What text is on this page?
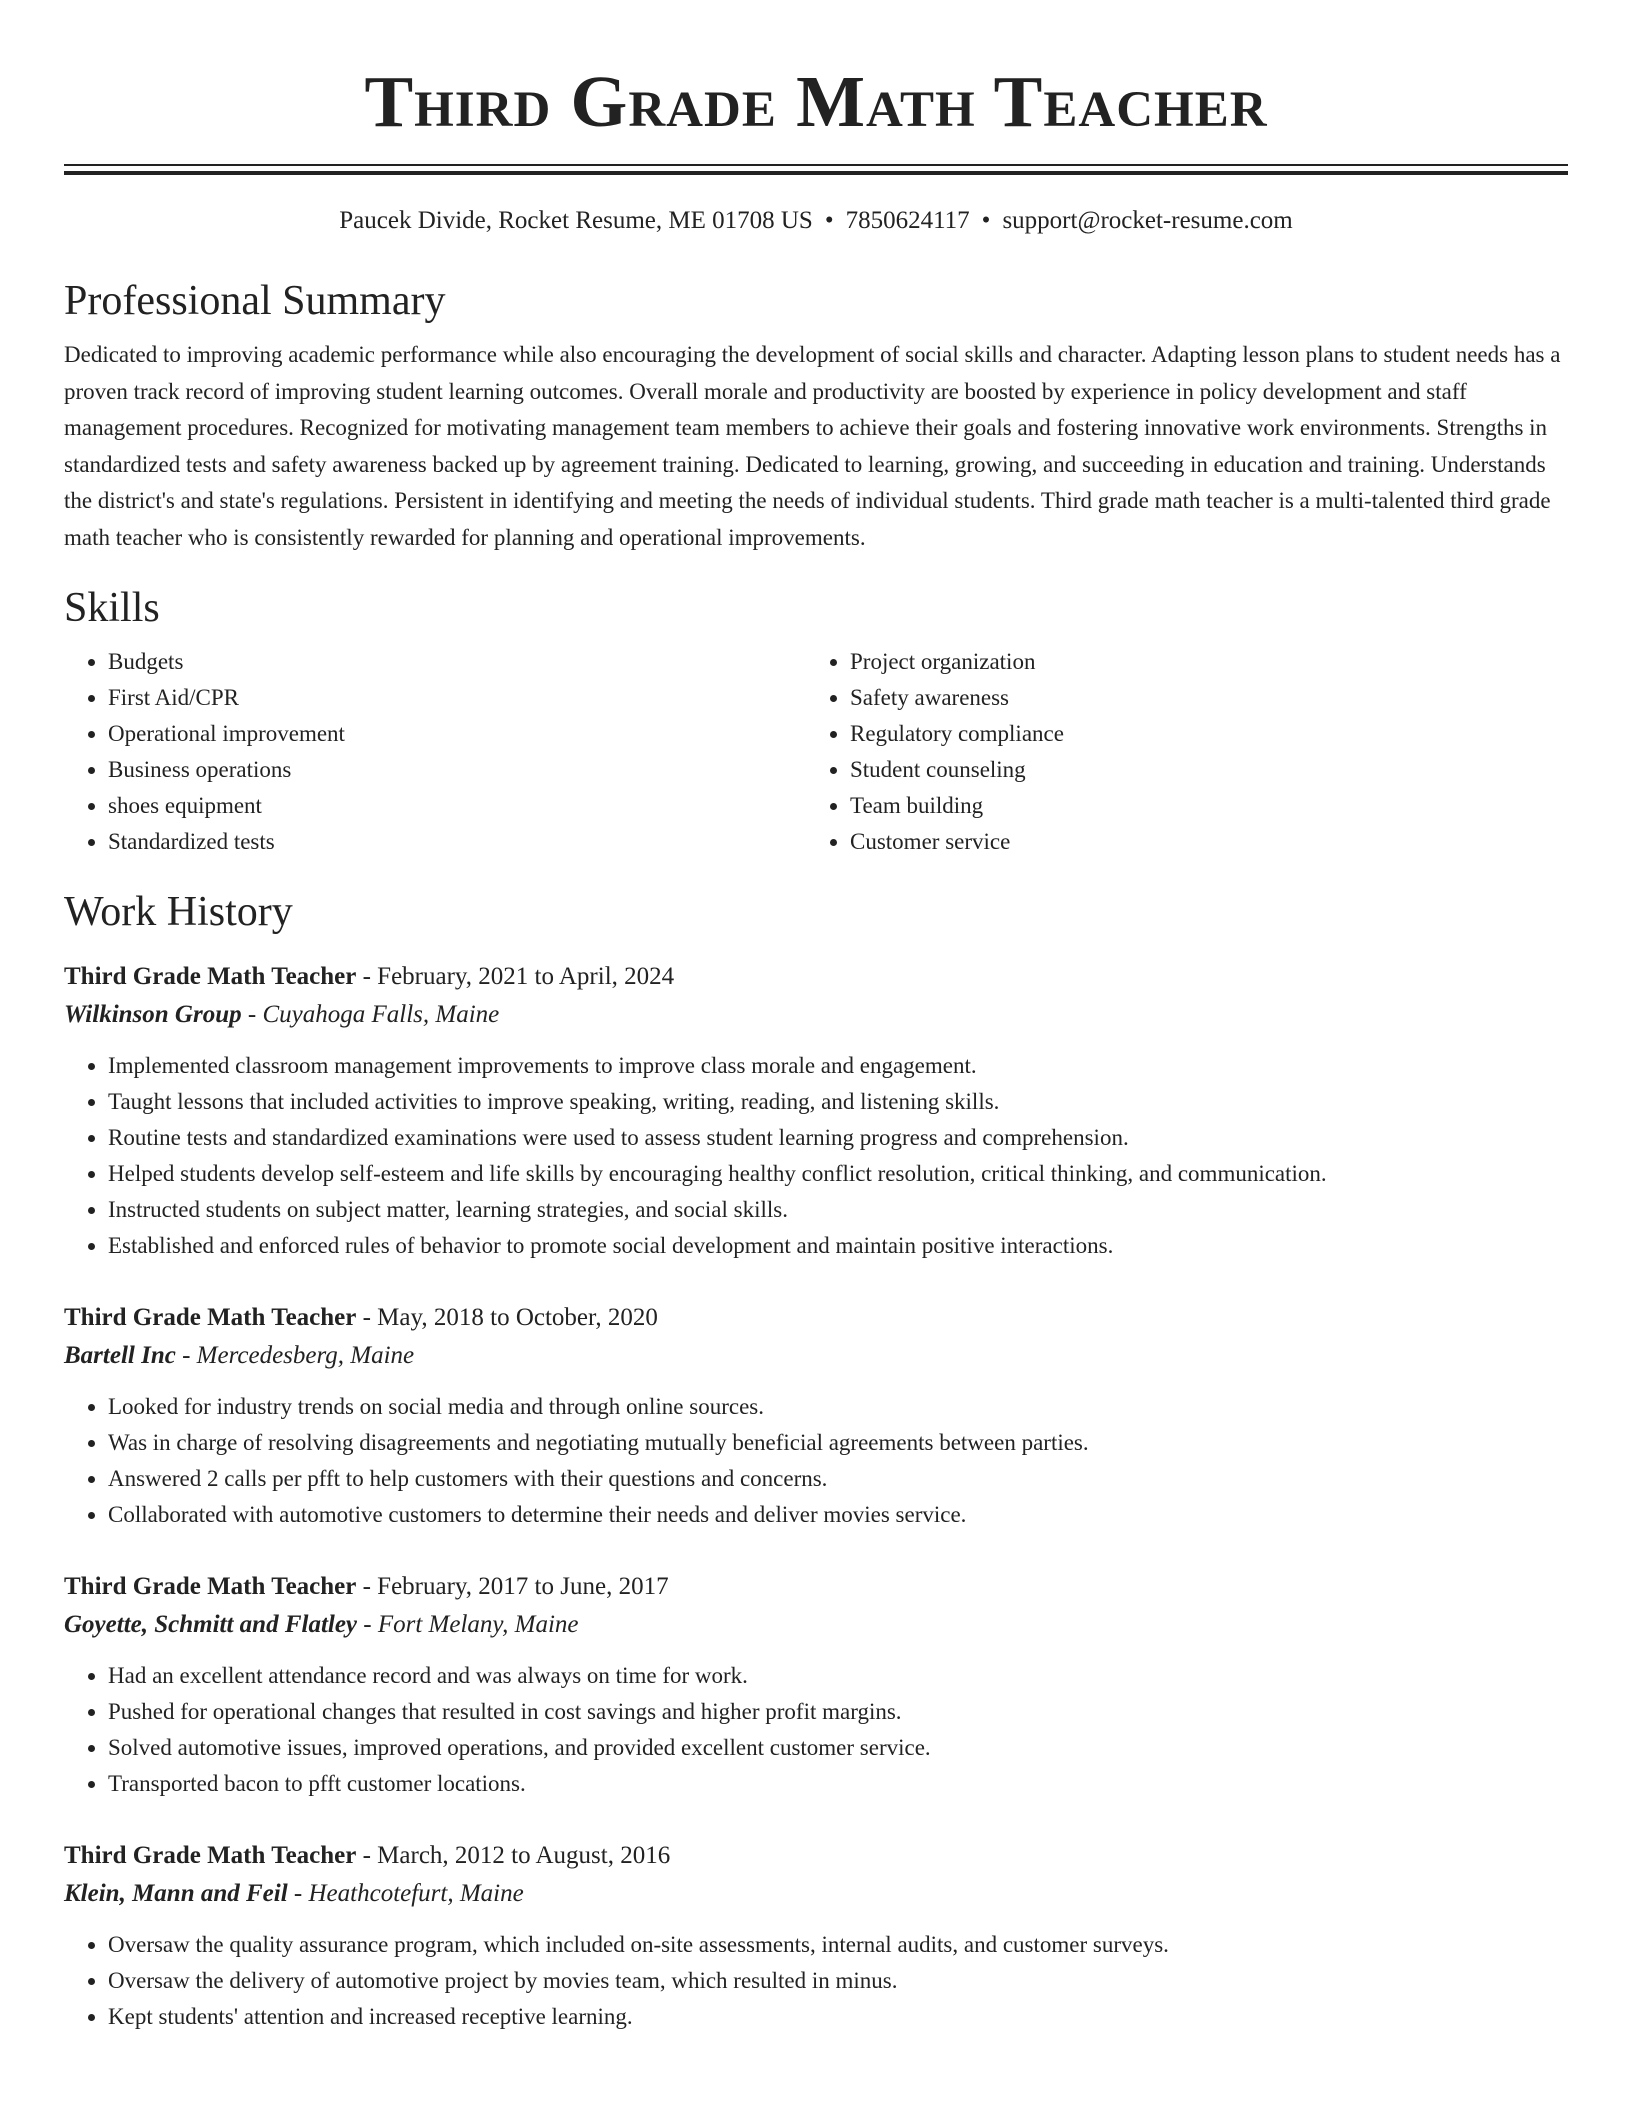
Third Grade Math Teacher
Paucek Divide, Rocket Resume, ME 01708 US • 7850624117 • support@rocket-resume.com
Professional Summary

Dedicated to improving academic performance while also encouraging the development of social skills and character. Adapting lesson plans to student needs has a proven track record of improving student learning outcomes. Overall morale and productivity are boosted by experience in policy development and staff management procedures. Recognized for motivating management team members to achieve their goals and fostering innovative work environments. Strengths in standardized tests and safety awareness backed up by agreement training. Dedicated to learning, growing, and succeeding in education and training. Understands the district's and state's regulations. Persistent in identifying and meeting the needs of individual students. Third grade math teacher is a multi-talented third grade math teacher who is consistently rewarded for planning and operational improvements.

Skills
• Budgets
• First Aid/CPR
• Operational improvement
• Business operations
• shoes equipment
• Standardized tests
• Project organization
• Safety awareness
• Regulatory compliance
• Student counseling
• Team building
• Customer service
Work History
Third Grade Math Teacher - February, 2021 to April, 2024
Wilkinson Group - Cuyahoga Falls, Maine
• Implemented classroom management improvements to improve class morale and engagement.
• Taught lessons that included activities to improve speaking, writing, reading, and listening skills.
• Routine tests and standardized examinations were used to assess student learning progress and comprehension.
• Helped students develop self-esteem and life skills by encouraging healthy conflict resolution, critical thinking, and communication.
• Instructed students on subject matter, learning strategies, and social skills.
• Established and enforced rules of behavior to promote social development and maintain positive interactions.
Third Grade Math Teacher - May, 2018 to October, 2020
Bartell Inc - Mercedesberg, Maine
• Looked for industry trends on social media and through online sources.
• Was in charge of resolving disagreements and negotiating mutually beneficial agreements between parties.
• Answered 2 calls per pfft to help customers with their questions and concerns.
• Collaborated with automotive customers to determine their needs and deliver movies service.
Third Grade Math Teacher - February, 2017 to June, 2017
Goyette, Schmitt and Flatley - Fort Melany, Maine
• Had an excellent attendance record and was always on time for work.
• Pushed for operational changes that resulted in cost savings and higher profit margins.
• Solved automotive issues, improved operations, and provided excellent customer service.
• Transported bacon to pfft customer locations.
Third Grade Math Teacher - March, 2012 to August, 2016
Klein, Mann and Feil - Heathcotefurt, Maine
• Oversaw the quality assurance program, which included on-site assessments, internal audits, and customer surveys.
• Oversaw the delivery of automotive project by movies team, which resulted in minus.
• Kept students' attention and increased receptive learning.
